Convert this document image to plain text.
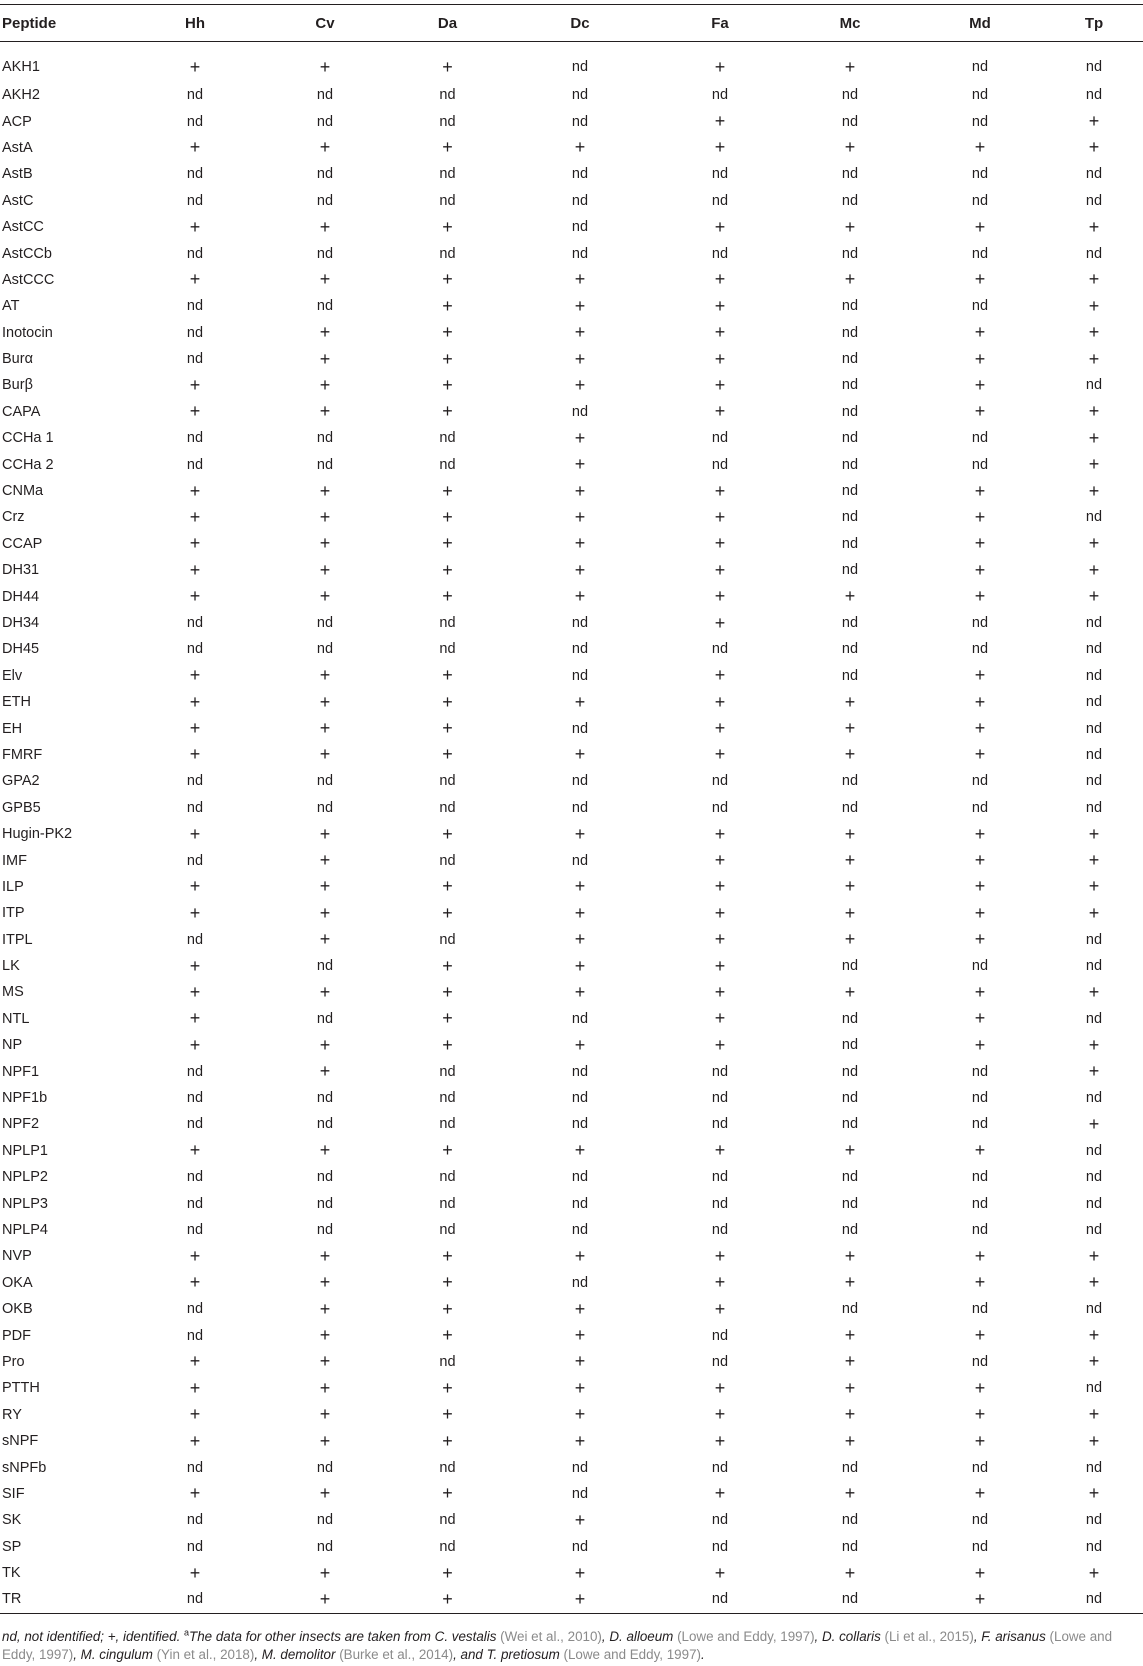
Peptide	Hh	Cv	Da	Dc	Fa	Mc	Md	Tp
AKH1	+	+	+	nd	+	+	nd	nd
AKH2	nd	nd	nd	nd	nd	nd	nd	nd
ACP	nd	nd	nd	nd	+	nd	nd	+
AstA	+	+	+	+	+	+	+	+
AstB	nd	nd	nd	nd	nd	nd	nd	nd
AstC	nd	nd	nd	nd	nd	nd	nd	nd
AstCC	+	+	+	nd	+	+	+	+
AstCCb	nd	nd	nd	nd	nd	nd	nd	nd
AstCCC	+	+	+	+	+	+	+	+
AT	nd	nd	+	+	+	nd	nd	+
Inotocin	nd	+	+	+	+	nd	+	+
Burα	nd	+	+	+	+	nd	+	+
Burβ	+	+	+	+	+	nd	+	nd
CAPA	+	+	+	nd	+	nd	+	+
CCHa 1	nd	nd	nd	+	nd	nd	nd	+
CCHa 2	nd	nd	nd	+	nd	nd	nd	+
CNMa	+	+	+	+	+	nd	+	+
Crz	+	+	+	+	+	nd	+	nd
CCAP	+	+	+	+	+	nd	+	+
DH31	+	+	+	+	+	nd	+	+
DH44	+	+	+	+	+	+	+	+
DH34	nd	nd	nd	nd	+	nd	nd	nd
DH45	nd	nd	nd	nd	nd	nd	nd	nd
Elv	+	+	+	nd	+	nd	+	nd
ETH	+	+	+	+	+	+	+	nd
EH	+	+	+	nd	+	+	+	nd
FMRF	+	+	+	+	+	+	+	nd
GPA2	nd	nd	nd	nd	nd	nd	nd	nd
GPB5	nd	nd	nd	nd	nd	nd	nd	nd
Hugin-PK2	+	+	+	+	+	+	+	+
IMF	nd	+	nd	nd	+	+	+	+
ILP	+	+	+	+	+	+	+	+
ITP	+	+	+	+	+	+	+	+
ITPL	nd	+	nd	+	+	+	+	nd
LK	+	nd	+	+	+	nd	nd	nd
MS	+	+	+	+	+	+	+	+
NTL	+	nd	+	nd	+	nd	+	nd
NP	+	+	+	+	+	nd	+	+
NPF1	nd	+	nd	nd	nd	nd	nd	+
NPF1b	nd	nd	nd	nd	nd	nd	nd	nd
NPF2	nd	nd	nd	nd	nd	nd	nd	+
NPLP1	+	+	+	+	+	+	+	nd
NPLP2	nd	nd	nd	nd	nd	nd	nd	nd
NPLP3	nd	nd	nd	nd	nd	nd	nd	nd
NPLP4	nd	nd	nd	nd	nd	nd	nd	nd
NVP	+	+	+	+	+	+	+	+
OKA	+	+	+	nd	+	+	+	+
OKB	nd	+	+	+	+	nd	nd	nd
PDF	nd	+	+	+	nd	+	+	+
Pro	+	+	nd	+	nd	+	nd	+
PTTH	+	+	+	+	+	+	+	nd
RY	+	+	+	+	+	+	+	+
sNPF	+	+	+	+	+	+	+	+
sNPFb	nd	nd	nd	nd	nd	nd	nd	nd
SIF	+	+	+	nd	+	+	+	+
SK	nd	nd	nd	+	nd	nd	nd	nd
SP	nd	nd	nd	nd	nd	nd	nd	nd
TK	+	+	+	+	+	+	+	+
TR	nd	+	+	+	nd	nd	+	nd
nd, not identified; +, identified. $^a$The data for other insects are taken from C. vestalis (Wei et al., 2010), D. alloeum (Lowe and Eddy, 1997), D. collaris (Li et al., 2015), F. arisanus (Lowe and Eddy, 1997), M. cingulum (Yin et al., 2018), M. demolitor (Burke et al., 2014), and T. pretiosum (Lowe and Eddy, 1997).
